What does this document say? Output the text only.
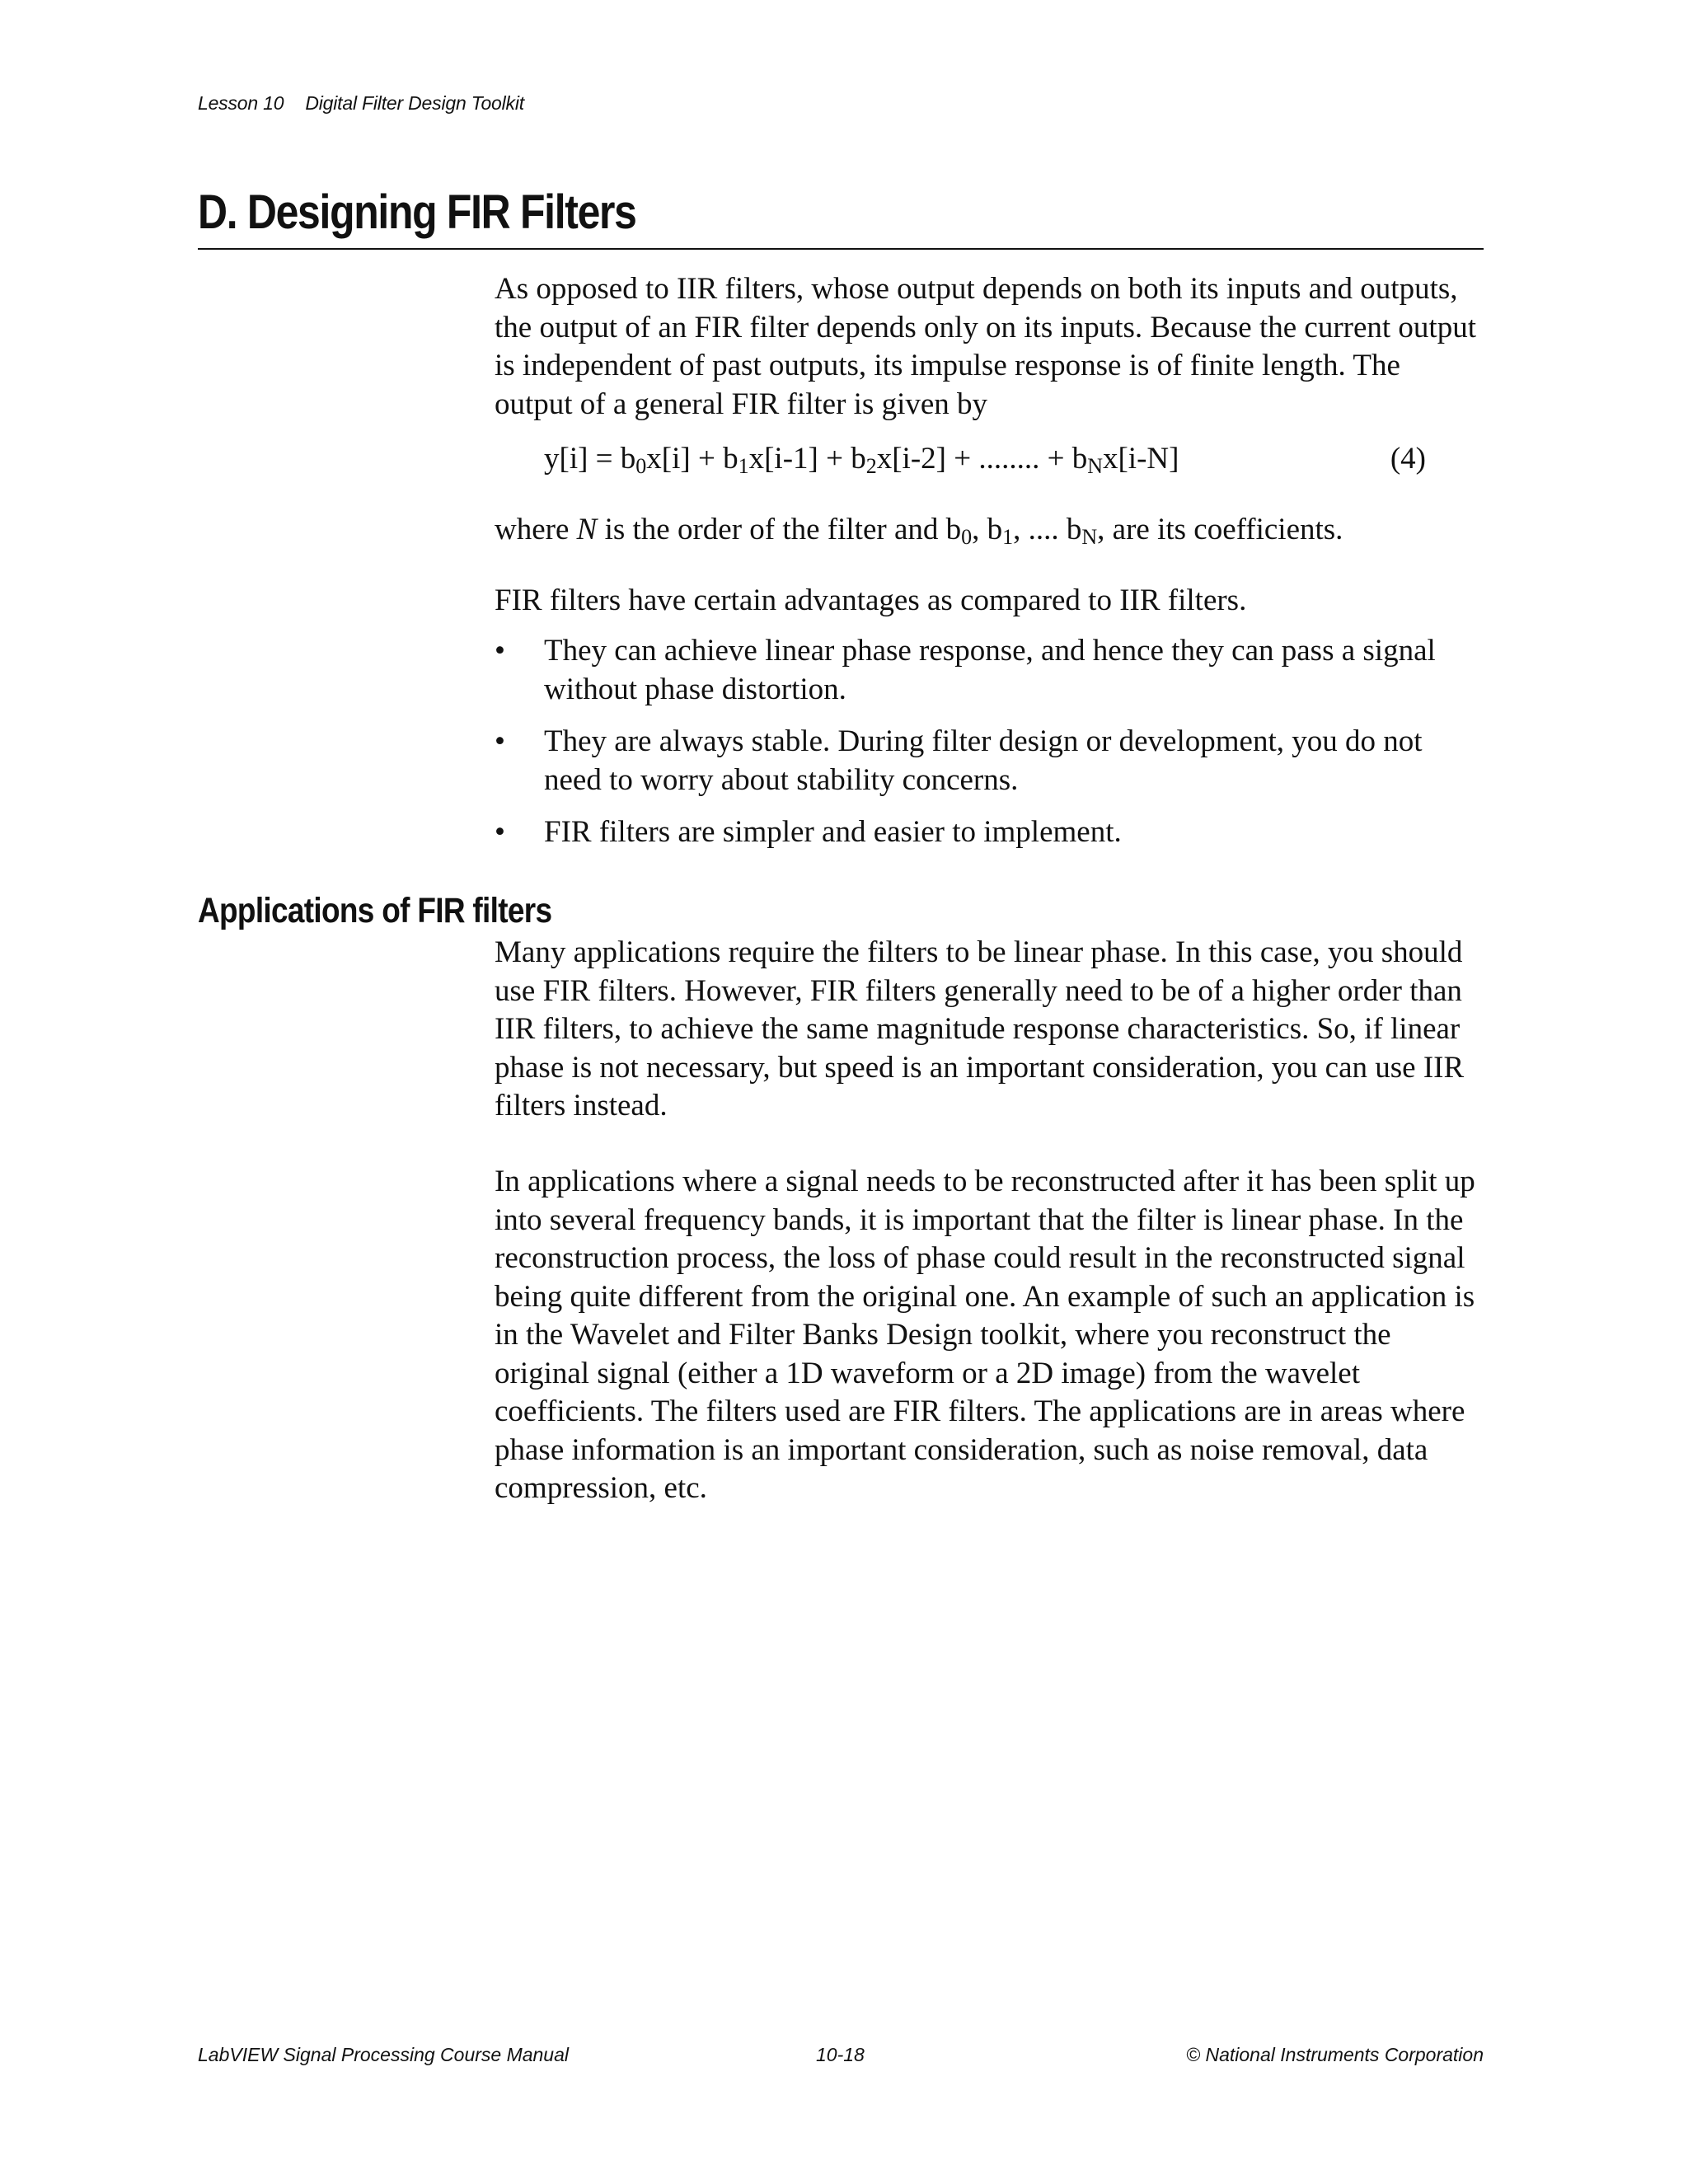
Lesson 10 Digital Filter Design Toolkit
D. Designing FIR Filters

As opposed to IIR filters, whose output depends on both its inputs and outputs, the output of an FIR filter depends only on its inputs. Because the current output is independent of past outputs, its impulse response is of finite length. The output of a general FIR filter is given by

$y[i] = b_0x[i] + b_1x[i-1] + b_2x[i-2]$ + ........ + $b_Nx[i-N]$	(4)
where N is the order of the filter and $b_0$, $b_1$, .... $b_N$, are its coefficients.

FIR filters have certain advantages as compared to IIR filters.

• They can achieve linear phase response, and hence they can pass a signal without phase distortion.
• They are always stable. During filter design or development, you do not need to worry about stability concerns.
• FIR filters are simpler and easier to implement.
Applications of FIR filters

Many applications require the filters to be linear phase. In this case, you should use FIR filters. However, FIR filters generally need to be of a higher order than IIR filters, to achieve the same magnitude response characteristics. So, if linear phase is not necessary, but speed is an important consideration, you can use IIR filters instead.

In applications where a signal needs to be reconstructed after it has been split up into several frequency bands, it is important that the filter is linear phase. In the reconstruction process, the loss of phase could result in the reconstructed signal being quite different from the original one. An example of such an application is in the Wavelet and Filter Banks Design toolkit, where you reconstruct the original signal (either a 1D waveform or a 2D image) from the wavelet coefficients. The filters used are FIR filters. The applications are in areas where phase information is an important consideration, such as noise removal, data compression, etc.

LabVIEW Signal Processing Course Manual	10-18	© National Instruments Corporation
